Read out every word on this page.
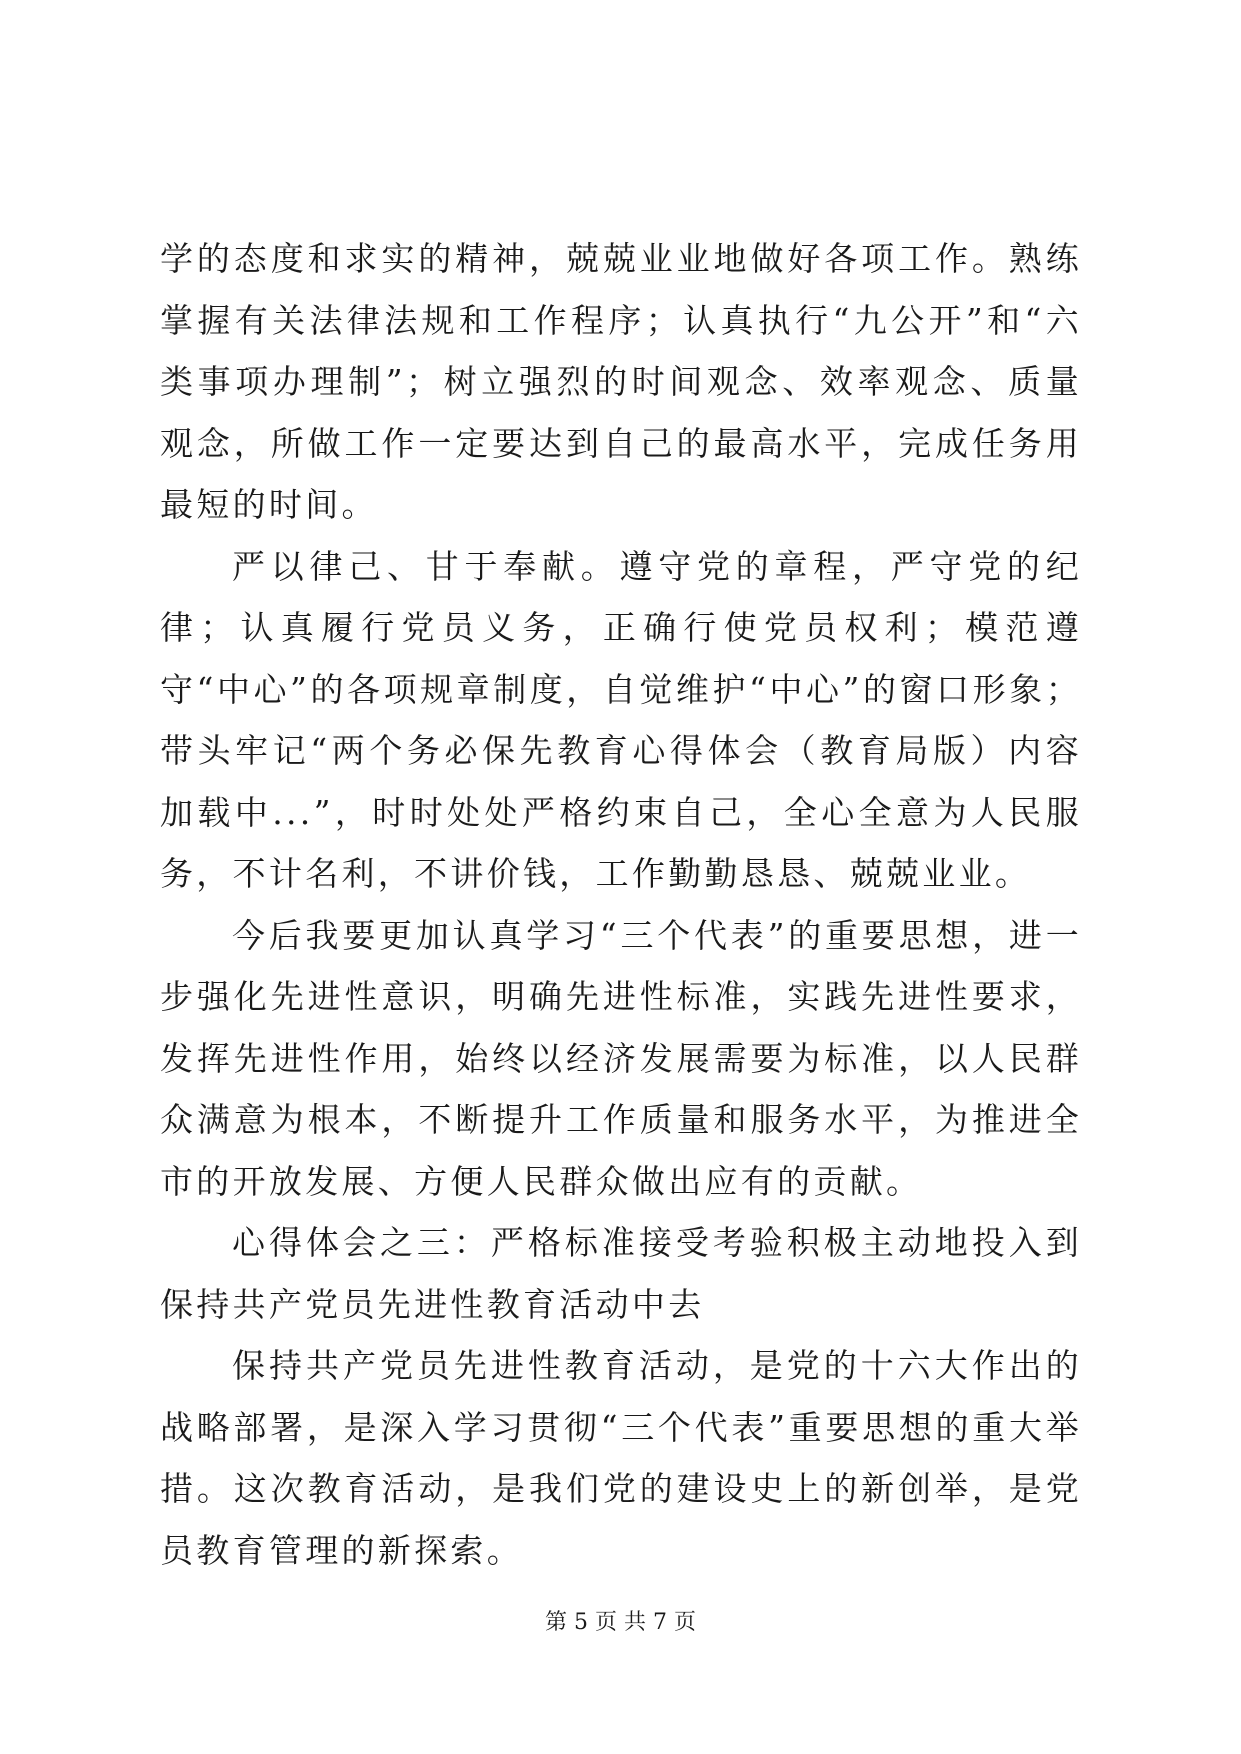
学的态度和求实的精神，兢兢业业地做好各项工作。熟练掌握有关法律法规和工作程序；认真执行“九公开”和“六类事项办理制”；树立强烈的时间观念、效率观念、质量观念，所做工作一定要达到自己的最高水平，完成任务用最短的时间。

严以律己、甘于奉献。遵守党的章程，严守党的纪律；认真履行党员义务，正确行使党员权利；模范遵守“中心”的各项规章制度，自觉维护“中心”的窗口形象；带头牢记“两个务必保先教育心得体会（教育局版）内容加载中...”，时时处处严格约束自己，全心全意为人民服务，不计名利，不讲价钱，工作勤勤恳恳、兢兢业业。

今后我要更加认真学习“三个代表”的重要思想，进一步强化先进性意识，明确先进性标准，实践先进性要求，发挥先进性作用，始终以经济发展需要为标准，以人民群众满意为根本，不断提升工作质量和服务水平，为推进全市的开放发展、方便人民群众做出应有的贡献。

心得体会之三：严格标准接受考验积极主动地投入到保持共产党员先进性教育活动中去

保持共产党员先进性教育活动，是党的十六大作出的战略部署，是深入学习贯彻“三个代表”重要思想的重大举措。这次教育活动，是我们党的建设史上的新创举，是党员教育管理的新探索。

第 5 页 共 7 页
